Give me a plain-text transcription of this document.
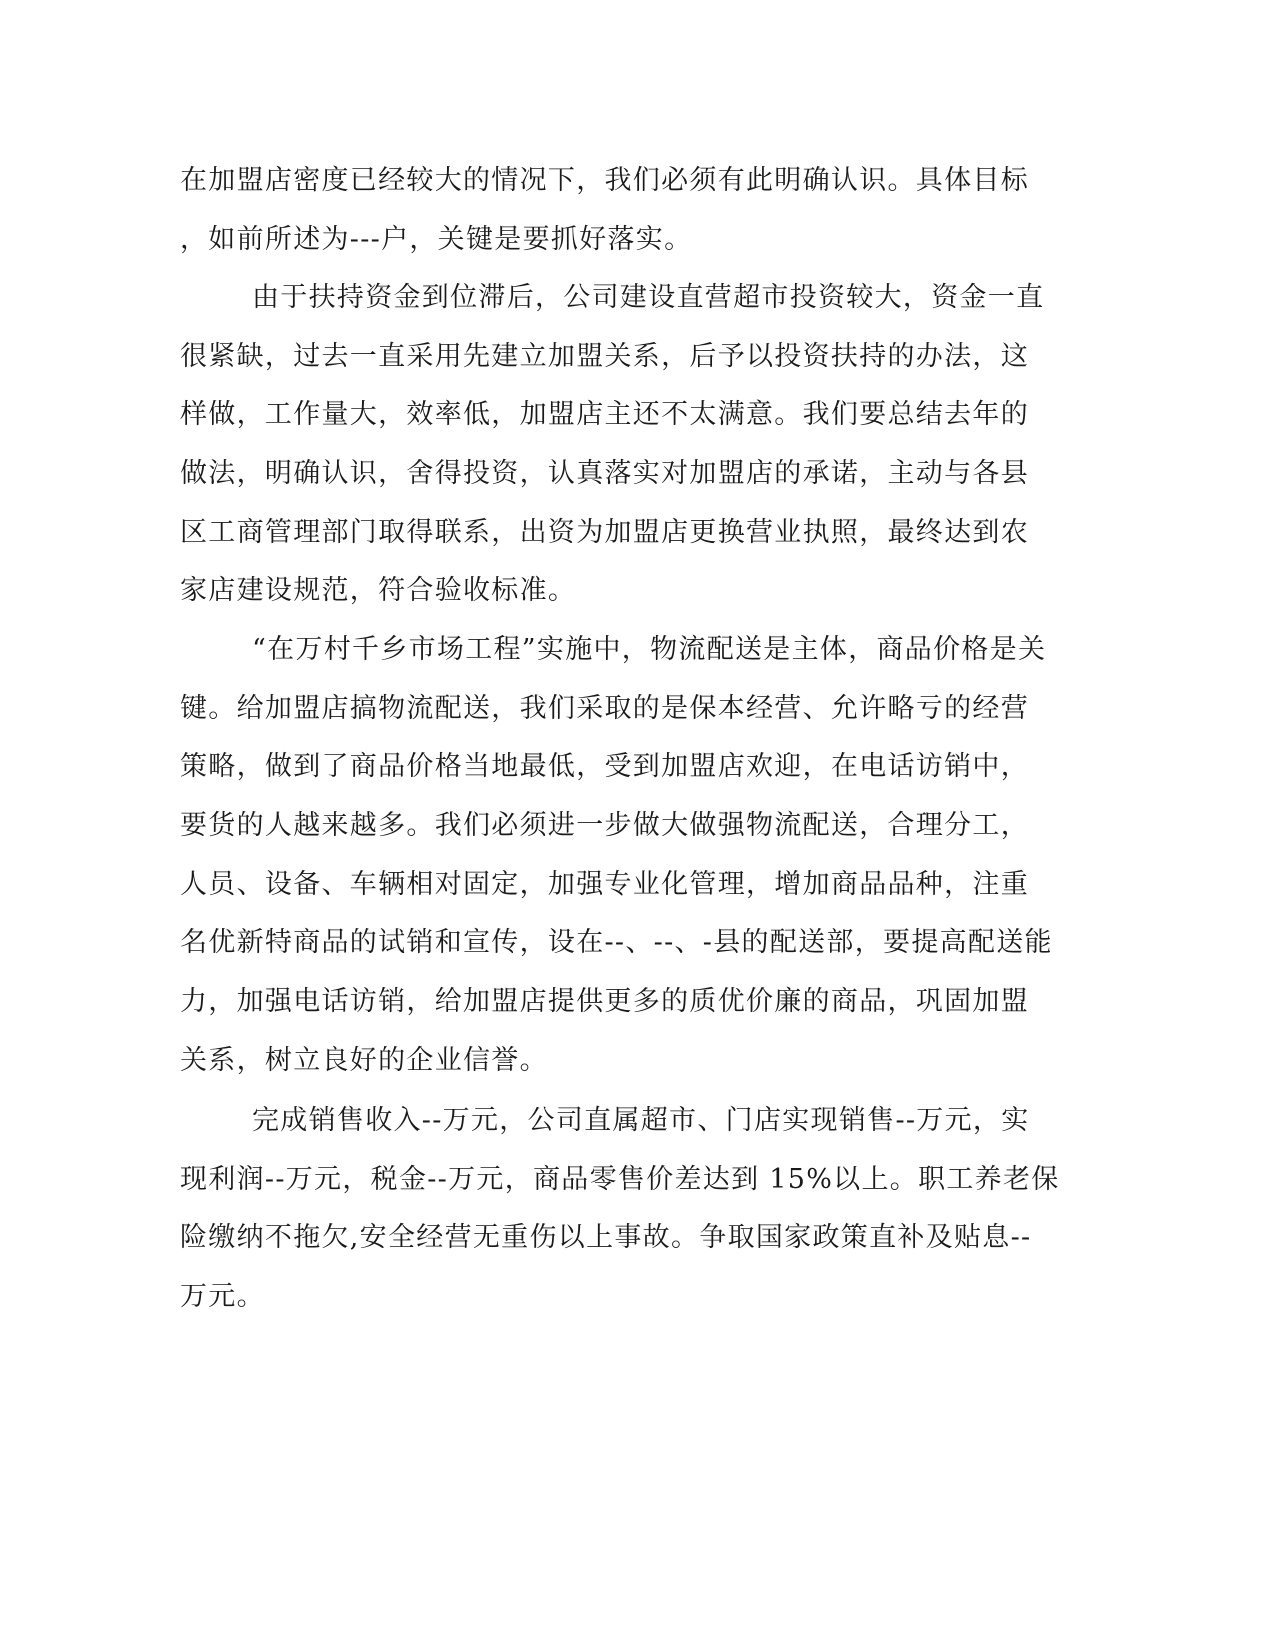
在加盟店密度已经较大的情况下，我们必须有此明确认识。具体目标
，如前所述为---户，关键是要抓好落实。
由于扶持资金到位滞后，公司建设直营超市投资较大，资金一直
很紧缺，过去一直采用先建立加盟关系，后予以投资扶持的办法，这
样做，工作量大，效率低，加盟店主还不太满意。我们要总结去年的
做法，明确认识，舍得投资，认真落实对加盟店的承诺，主动与各县
区工商管理部门取得联系，出资为加盟店更换营业执照，最终达到农
家店建设规范，符合验收标准。
“在万村千乡市场工程”实施中，物流配送是主体，商品价格是关
键。给加盟店搞物流配送，我们采取的是保本经营、允许略亏的经营
策略，做到了商品价格当地最低，受到加盟店欢迎，在电话访销中，
要货的人越来越多。我们必须进一步做大做强物流配送，合理分工，
人员、设备、车辆相对固定，加强专业化管理，增加商品品种，注重
名优新特商品的试销和宣传，设在--、--、-县的配送部，要提高配送能
力，加强电话访销，给加盟店提供更多的质优价廉的商品，巩固加盟
关系，树立良好的企业信誉。
完成销售收入--万元，公司直属超市、门店实现销售--万元，实
现利润--万元，税金--万元，商品零售价差达到 15%以上。职工养老保
险缴纳不拖欠,安全经营无重伤以上事故。争取国家政策直补及贴息--
万元。
